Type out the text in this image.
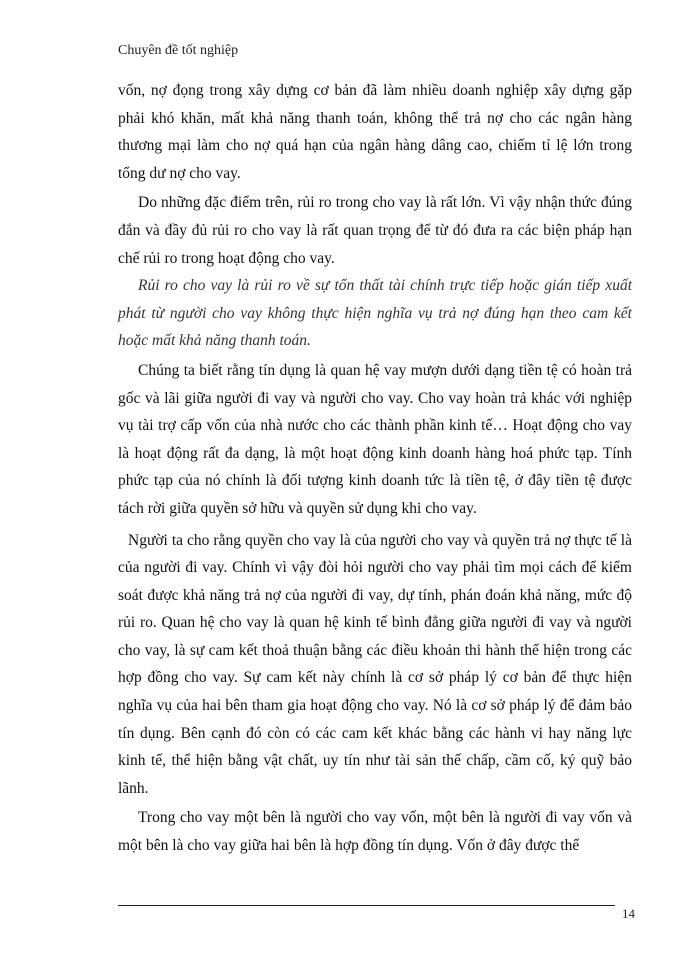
Chuyên đề tốt nghiệp

vốn, nợ đọng trong xây dựng cơ bản đã làm nhiều doanh nghiệp xây dựng gặp phải khó khăn, mất khả năng thanh toán, không thể trả nợ cho các ngân hàng thương mại làm cho nợ quá hạn của ngân hàng dâng cao, chiếm tỉ lệ lớn trong tổng dư nợ cho vay.

Do những đặc điểm trên, rủi ro trong cho vay là rất lớn. Vì vậy nhận thức đúng đắn và đầy đủ rủi ro cho vay là rất quan trọng để từ đó đưa ra các biện pháp hạn chế rủi ro trong hoạt động cho vay.

Rủi ro cho vay là rủi ro về sự tổn thất tài chính trực tiếp hoặc gián tiếp xuất phát từ người cho vay không thực hiện nghĩa vụ trả nợ đúng hạn theo cam kết hoặc mất khả năng thanh toán.

Chúng ta biết rằng tín dụng là quan hệ vay mượn dưới dạng tiền tệ có hoàn trả gốc và lãi giữa người đi vay và người cho vay. Cho vay hoàn trả khác với nghiệp vụ tài trợ cấp vốn của nhà nước cho các thành phần kinh tế… Hoạt động cho vay là hoạt động rất đa dạng, là một hoạt động kinh doanh hàng hoá phức tạp. Tính phức tạp của nó chính là đối tượng kinh doanh tức là tiền tệ, ở đây tiền tệ được tách rời giữa quyền sở hữu và quyền sử dụng khi cho vay.

Người ta cho rằng quyền cho vay là của người cho vay và quyền trả nợ thực tế là của người đi vay. Chính vì vậy đòi hỏi người cho vay phải tìm mọi cách để kiểm soát được khả năng trả nợ của người đi vay, dự tính, phán đoán khả năng, mức độ rủi ro. Quan hệ cho vay là quan hệ kinh tế bình đẳng giữa người đi vay và người cho vay, là sự cam kết thoả thuận bằng các điều khoản thi hành thể hiện trong các hợp đồng cho vay. Sự cam kết này chính là cơ sở pháp lý cơ bản để thực hiện nghĩa vụ của hai bên tham gia hoạt động cho vay. Nó là cơ sở pháp lý để đảm bảo tín dụng. Bên cạnh đó còn có các cam kết khác bằng các hành vi hay năng lực kinh tế, thể hiện bằng vật chất, uy tín như tài sản thế chấp, cầm cố, ký quỹ bảo lãnh.

Trong cho vay một bên là người cho vay vốn, một bên là người đi vay vốn và một bên là cho vay giữa hai bên là hợp đồng tín dụng. Vốn ở đây được thể

14
